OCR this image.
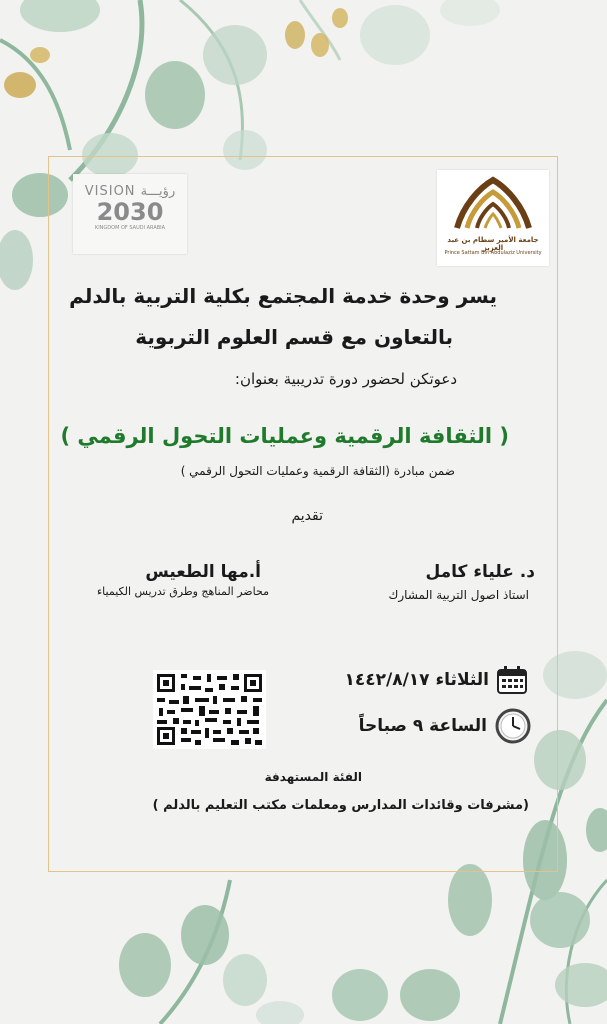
VISION رؤيـــة
2030
KINGDOM OF SAUDI ARABIA
جامعة الأمير سطام بن عبد العزيز
Prince Sattam Bin Abdulaziz University
يسر وحدة خدمة المجتمع بكلية التربية بالدلم
بالتعاون مع قسم العلوم التربوية
دعوتكن لحضور دورة تدريبية بعنوان:
( الثقافة الرقمية وعمليات التحول الرقمي )
ضمن مبادرة (الثقافة الرقمية وعمليات التحول الرقمي )
تقديم
د. علياء كامل
استاذ اصول التربية المشارك
أ.مها الطعيس
محاضر المناهج وطرق تدريس الكيمياء
الثلاثاء ١٤٤٢/٨/١٧
الساعة ٩ صباحاً
الفئة المستهدفة
(مشرفات وقائدات المدارس ومعلمات مكتب التعليم بالدلم )
